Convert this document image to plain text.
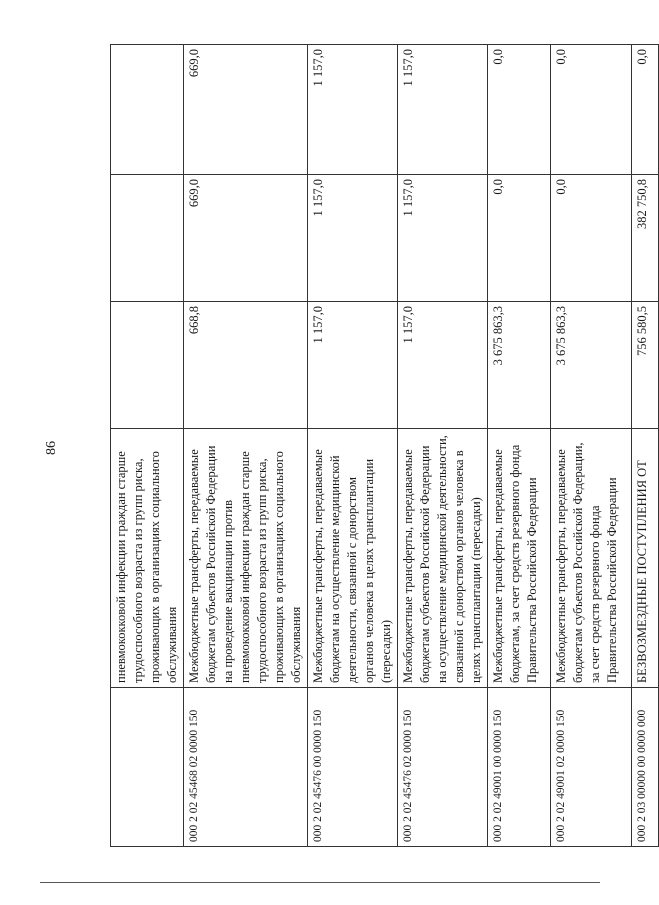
86
	пневмококковой инфекции граждан старше трудоспособного возраста из групп риска, проживающих в организациях социального обслуживания			
000 2 02 45468 02 0000 150	Межбюджетные трансферты, передаваемые бюджетам субъектов Российской Федерации на проведение вакцинации против пневмококковой инфекции граждан старше трудоспособного возраста из групп риска, проживающих в организациях социального обслуживания	668,8	669,0	669,0
000 2 02 45476 00 0000 150	Межбюджетные трансферты, передаваемые бюджетам на осуществление медицинской деятельности, связанной с донорством органов человека в целях трансплантации (пересадки)	1 157,0	1 157,0	1 157,0
000 2 02 45476 02 0000 150	Межбюджетные трансферты, передаваемые бюджетам субъектов Российской Федерации на осуществление медицинской деятельности, связанной с донорством органов человека в целях трансплантации (пересадки)	1 157,0	1 157,0	1 157,0
000 2 02 49001 00 0000 150	Межбюджетные трансферты, передаваемые бюджетам, за счет средств резервного фонда Правительства Российской Федерации	3 675 863,3	0,0	0,0
000 2 02 49001 02 0000 150	Межбюджетные трансферты, передаваемые бюджетам субъектов Российской Федерации, за счет средств резервного фонда Правительства Российской Федерации	3 675 863,3	0,0	0,0
000 2 03 00000 00 0000 000	БЕЗВОЗМЕЗДНЫЕ ПОСТУПЛЕНИЯ ОТ	756 580,5	382 750,8	0,0
